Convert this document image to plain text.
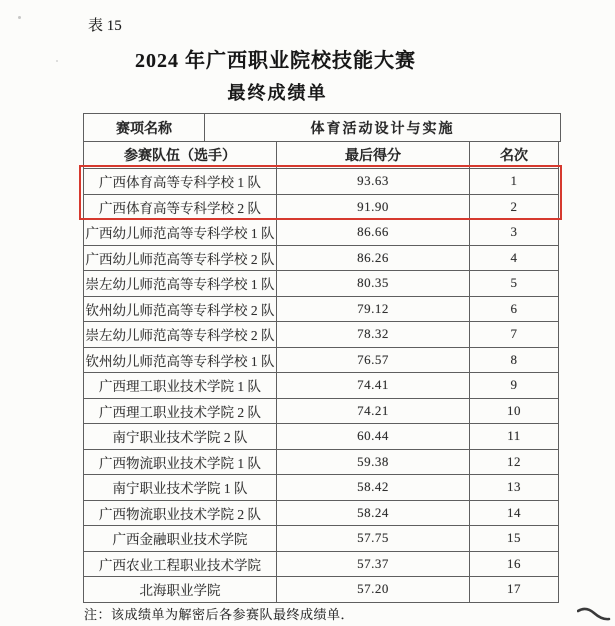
表 15
2024 年广西职业院校技能大赛
最终成绩单
赛项名称	体育活动设计与实施
参赛队伍（选手）	最后得分	名次
广西体育高等专科学校 1 队	93.63	1
广西体育高等专科学校 2 队	91.90	2
广西幼儿师范高等专科学校 1 队	86.66	3
广西幼儿师范高等专科学校 2 队	86.26	4
崇左幼儿师范高等专科学校 1 队	80.35	5
钦州幼儿师范高等专科学校 2 队	79.12	6
崇左幼儿师范高等专科学校 2 队	78.32	7
钦州幼儿师范高等专科学校 1 队	76.57	8
广西理工职业技术学院 1 队	74.41	9
广西理工职业技术学院 2 队	74.21	10
南宁职业技术学院 2 队	60.44	11
广西物流职业技术学院 1 队	59.38	12
南宁职业技术学院 1 队	58.42	13
广西物流职业技术学院 2 队	58.24	14
广西金融职业技术学院	57.75	15
广西农业工程职业技术学院	57.37	16
北海职业学院	57.20	17
注：该成绩单为解密后各参赛队最终成绩单．
